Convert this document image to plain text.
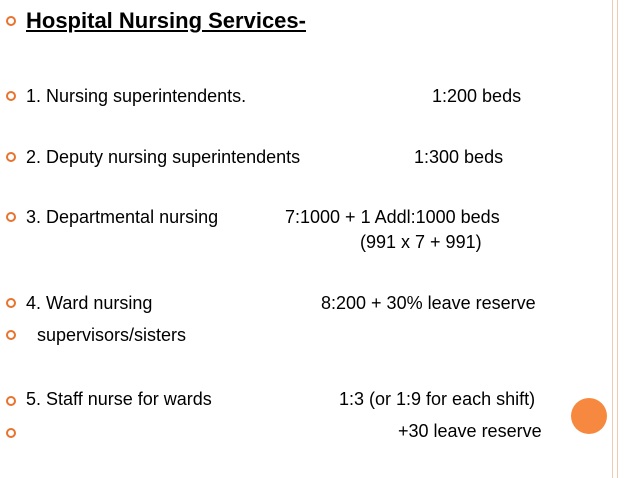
Hospital Nursing Services-
1. Nursing superintendents.	1:200 beds
2. Deputy nursing superintendents	1:300 beds
3. Departmental nursing	7:1000 + 1 Addl:1000 beds
(991 x 7 + 991)
4. Ward nursing	8:200 + 30% leave reserve
supervisors/sisters
5. Staff nurse for wards	1:3 (or 1:9 for each shift)
+30 leave reserve
